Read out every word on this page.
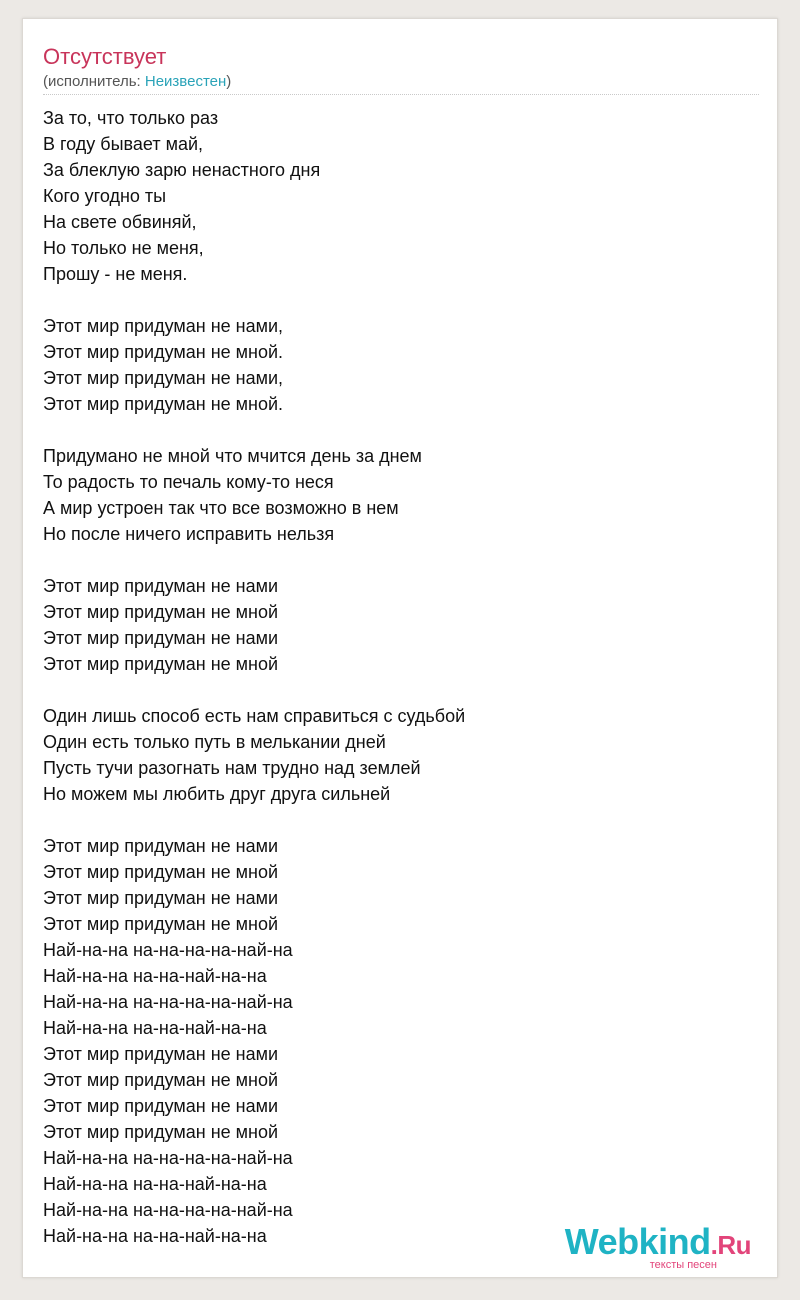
Отсутствует
(исполнитель: Неизвестен)
За то, что только раз
В году бывает май,
За блеклую зарю ненастного дня
Кого угодно ты
На свете обвиняй,
Но только не меня,
Прошу - не меня.
Этот мир придуман не нами,
Этот мир придуман не мной.
Этот мир придуман не нами,
Этот мир придуман не мной.
Придумано не мной что мчится день за днем
То радость то печаль кому-то неся
А мир устроен так что все возможно в нем
Но после ничего исправить нельзя
Этот мир придуман не нами
Этот мир придуман не мной
Этот мир придуман не нами
Этот мир придуман не мной
Один лишь способ есть нам справиться с судьбой
Один есть только путь в мелькании дней
Пусть тучи разогнать нам трудно над землей
Но можем мы любить друг друга сильней
Этот мир придуман не нами
Этот мир придуман не мной
Этот мир придуман не нами
Этот мир придуман не мной
Най-на-на на-на-на-на-най-на
Най-на-на на-на-най-на-на
Най-на-на на-на-на-на-най-на
Най-на-на на-на-най-на-на
Этот мир придуман не нами
Этот мир придуман не мной
Этот мир придуман не нами
Этот мир придуман не мной
Най-на-на на-на-на-на-най-на
Най-на-на на-на-най-на-на
Най-на-на на-на-на-на-най-на
Най-на-на на-на-най-на-на	Webkind.Ru
тексты песен
